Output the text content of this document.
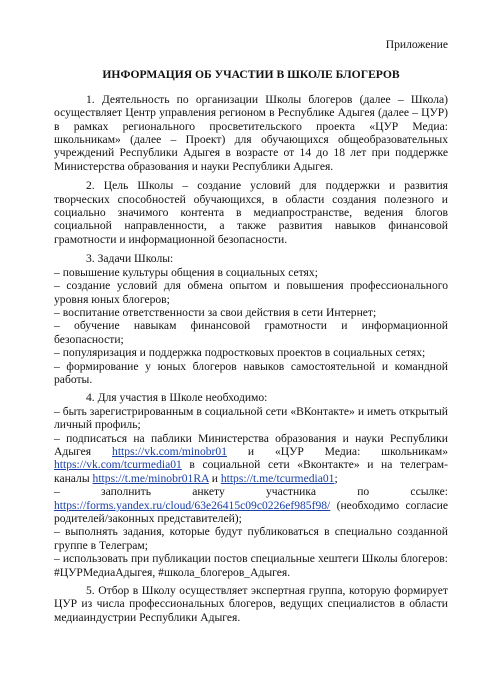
Приложение
ИНФОРМАЦИЯ ОБ УЧАСТИИ В ШКОЛЕ БЛОГЕРОВ

1. Деятельность по организации Школы блогеров (далее – Школа) осуществляет Центр управления регионом в Республике Адыгея (далее – ЦУР) в рамках регионального просветительского проекта «ЦУР Медиа: школьникам» (далее – Проект) для обучающихся общеобразовательных учреждений Республики Адыгея в возрасте от 14 до 18 лет при поддержке Министерства образования и науки Республики Адыгея.

2. Цель Школы – создание условий для поддержки и развития творческих способностей обучающихся, в области создания полезного и социально значимого контента в медиапространстве, ведения блогов социальной направленности, а также развития навыков финансовой грамотности и информационной безопасности.

3. Задачи Школы:
– повышение культуры общения в социальных сетях;
– создание условий для обмена опытом и повышения профессионального уровня юных блогеров;
– воспитание ответственности за свои действия в сети Интернет;
– обучение навыкам финансовой грамотности и информационной безопасности;
– популяризация и поддержка подростковых проектов в социальных сетях;
– формирование у юных блогеров навыков самостоятельной и командной работы.
4. Для участия в Школе необходимо:
– быть зарегистрированным в социальной сети «ВКонтакте» и иметь открытый личный профиль;
– подписаться на паблики Министерства образования и науки Республики Адыгея https://vk.com/minobr01 и «ЦУР Медиа: школьникам» https://vk.com/tcurmedia01 в социальной сети «Вконтакте» и на телеграм-каналы https://t.me/minobr01RA и https://t.me/tcurmedia01;
– заполнить анкету участника по ссылке: https://forms.yandex.ru/cloud/63e26415c09c0226ef985f98/ (необходимо согласие родителей/законных представителей);
– выполнять задания, которые будут публиковаться в специально созданной группе в Телеграм;
– использовать при публикации постов специальные хештеги Школы блогеров: #ЦУРМедиаАдыгея, #школа_блогеров_Адыгея.

5. Отбор в Школу осуществляет экспертная группа, которую формирует ЦУР из числа профессиональных блогеров, ведущих специалистов в области медиаиндустрии Республики Адыгея.
